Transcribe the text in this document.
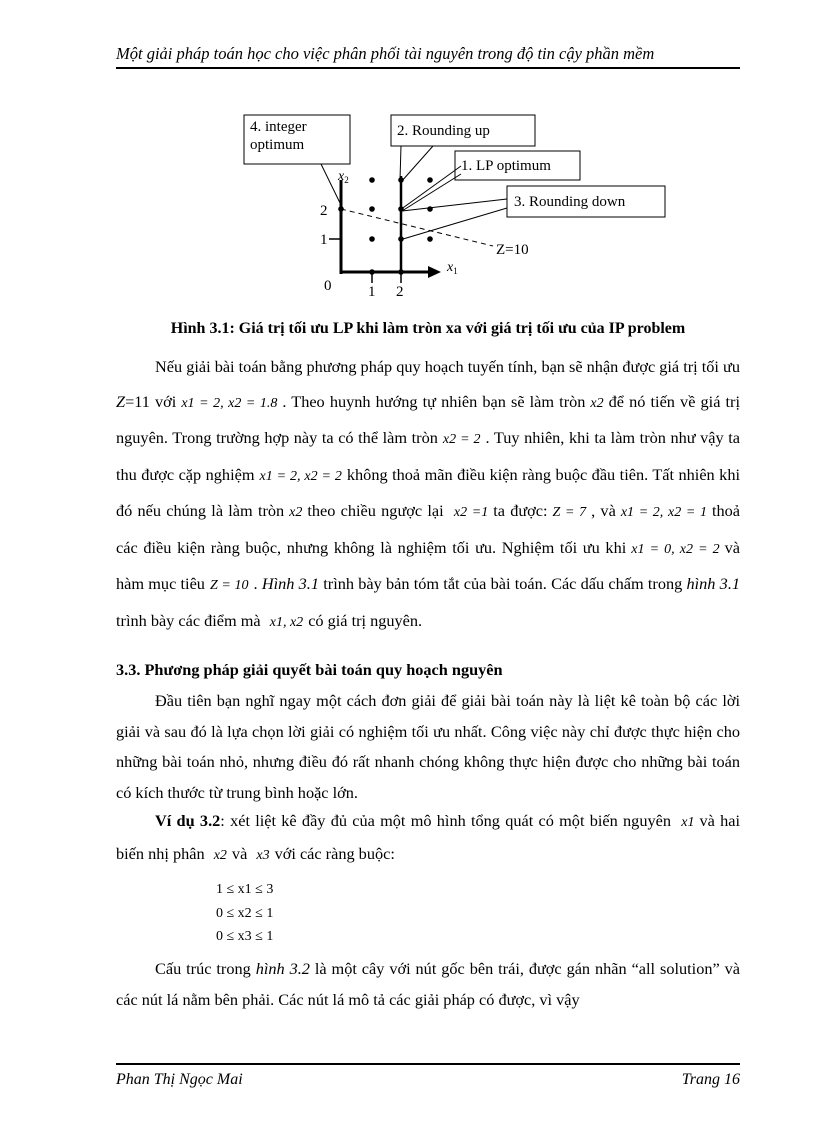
Một giải pháp toán học cho việc phân phối tài nguyên trong độ tin cậy phần mềm
4. integer
optimum
2. Rounding up
1. LP optimum
3. Rounding down
$x_1$
$x_2$
2
1
0 1 2
Z=10
Hình 3.1: Giá trị tối ưu LP khi làm tròn xa với giá trị tối ưu của IP problem
Nếu giải bài toán bằng phương pháp quy hoạch tuyến tính, bạn sẽ nhận được giá trị tối ưu Z=11 với x1 = 2, x2 = 1.8 . Theo huynh hướng tự nhiên bạn sẽ làm tròn x2 để nó tiến về giá trị nguyên. Trong trường hợp này ta có thể làm tròn x2 = 2 . Tuy nhiên, khi ta làm tròn như vậy ta thu được cặp nghiệm x1 = 2, x2 = 2 không thoả mãn điều kiện ràng buộc đầu tiên. Tất nhiên khi đó nếu chúng là làm tròn x2 theo chiều ngược lại x2 =1 ta được: Z = 7 , và x1 = 2, x2 = 1 thoả các điều kiện ràng buộc, nhưng không là nghiệm tối ưu. Nghiệm tối ưu khi x1 = 0, x2 = 2 và hàm mục tiêu Z = 10 . Hình 3.1 trình bày bản tóm tắt của bài toán. Các dấu chấm trong hình 3.1 trình bày các điểm mà x1, x2 có giá trị nguyên.
3.3. Phương pháp giải quyết bài toán quy hoạch nguyên
Đầu tiên bạn nghĩ ngay một cách đơn giải để giải bài toán này là liệt kê toàn bộ các lời giải và sau đó là lựa chọn lời giải có nghiệm tối ưu nhất. Công việc này chỉ được thực hiện cho những bài toán nhỏ, nhưng điều đó rất nhanh chóng không thực hiện được cho những bài toán có kích thước từ trung bình hoặc lớn.
Ví dụ 3.2: xét liệt kê đầy đủ của một mô hình tổng quát có một biến nguyên x1 và hai biến nhị phân x2 và x3 với các ràng buộc:
1 ≤ x1 ≤ 3
0 ≤ x2 ≤ 1
0 ≤ x3 ≤ 1
Cấu trúc trong hình 3.2 là một cây với nút gốc bên trái, được gán nhãn “all solution” và các nút lá nằm bên phải. Các nút lá mô tả các giải pháp có được, vì vậy
Phan Thị Ngọc Mai	Trang 16
